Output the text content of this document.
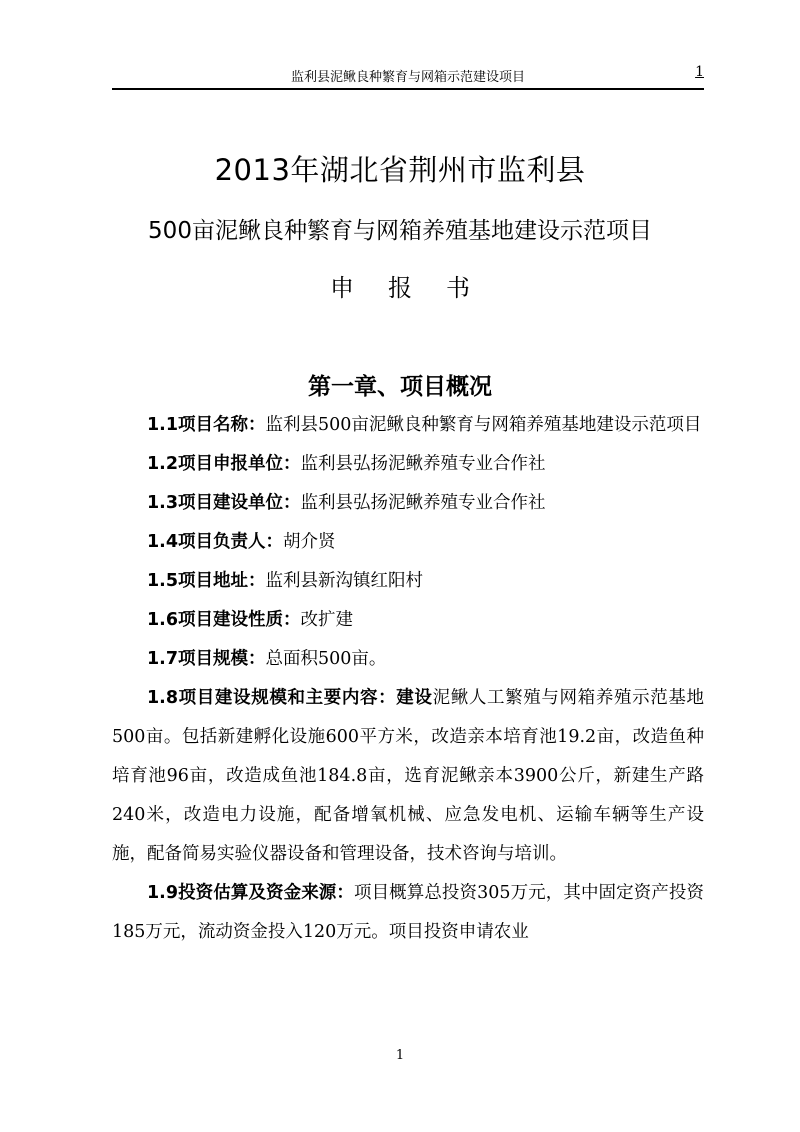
监利县泥鳅良种繁育与网箱示范建设项目	1
2013年湖北省荆州市监利县
500亩泥鳅良种繁育与网箱养殖基地建设示范项目
申报书
第一章、项目概况

1.1项目名称：监利县500亩泥鳅良种繁育与网箱养殖基地建设示范项目

1.2项目申报单位：监利县弘扬泥鳅养殖专业合作社

1.3项目建设单位：监利县弘扬泥鳅养殖专业合作社

1.4项目负责人：胡介贤

1.5项目地址：监利县新沟镇红阳村

1.6项目建设性质：改扩建

1.7项目规模：总面积500亩。

1.8项目建设规模和主要内容：建设泥鳅人工繁殖与网箱养殖示范基地500亩。包括新建孵化设施600平方米，改造亲本培育池19.2亩，改造鱼种培育池96亩，改造成鱼池184.8亩，选育泥鳅亲本3900公斤，新建生产路240米，改造电力设施，配备增氧机械、应急发电机、运输车辆等生产设施，配备简易实验仪器设备和管理设备，技术咨询与培训。

1.9投资估算及资金来源：项目概算总投资305万元，其中固定资产投资185万元，流动资金投入120万元。项目投资申请农业

1
